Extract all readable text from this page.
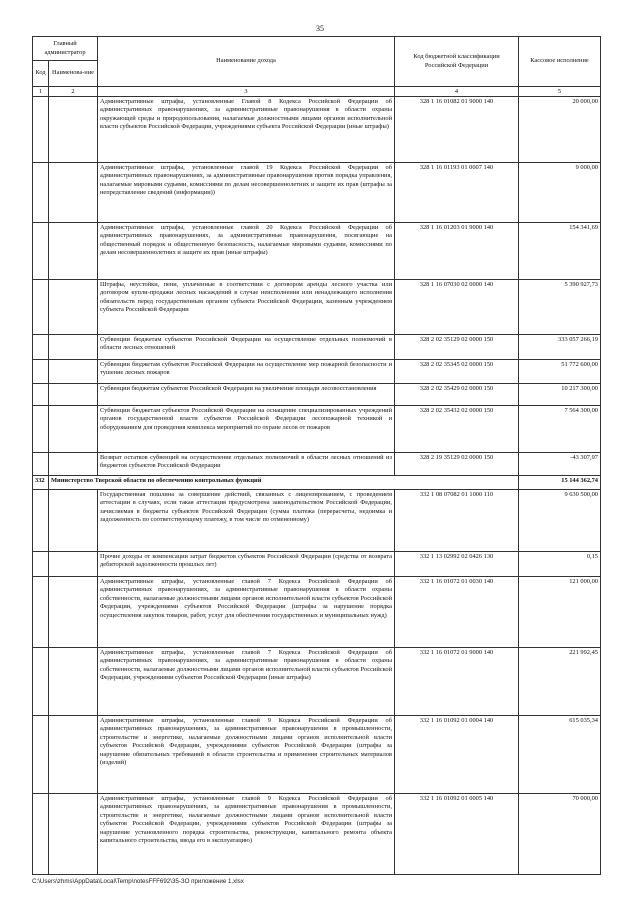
35
Главный администратор		Наименование дохода	Код бюджетной классификации Российской Федерации	Кассовое исполнение
Код	Наименова-ние			
1	2	3	4	5
		Административные штрафы, установленные Главой 8 Кодекса Российской Федерации об административных правонарушениях, за административные правонарушения в области охраны окружающей среды и природопользования, налагаемые должностными лицами органов исполнительной власти субъектов Российской Федерации, учреждениями субъекта Российской Федерации (иные штрафы)	328 1 16 01082 01 9000 140	20 000,00
		Административные штрафы, установленные главой 19 Кодекса Российской Федерации об административных правонарушениях, за административные правонарушения против порядка управления, налагаемые мировыми судьями, комиссиями по делам несовершеннолетних и защите их прав (штрафы за непредставление сведений (информации))	328 1 16 01193 01 0007 140	9 000,00
		Административные штрафы, установленные главой 20 Кодекса Российской Федерации об административных правонарушениях, за административные правонарушения, посягающие на общественный порядок и общественную безопасность, налагаемые мировыми судьями, комиссиями по делам несовершеннолетних и защите их прав (иные штрафы)	328 1 16 01203 01 9000 140	154 341,69
		Штрафы, неустойки, пени, уплаченные в соответствии с договором аренды лесного участка или договором купли-продажи лесных насаждений в случае неисполнения или ненадлежащего исполнения обязательств перед государственным органом субъекта Российской Федерации, казенным учреждением субъекта Российской Федерации	328 1 16 07030 02 0000 140	5 390 927,73
		Субвенции бюджетам субъектов Российской Федерации на осуществление отдельных полномочий в области лесных отношений	328 2 02 35129 02 0000 150	333 057 266,19
		Субвенции бюджетам субъектов Российской Федерации на осуществление мер пожарной безопасности и тушение лесных пожаров	328 2 02 35345 02 0000 150	51 772 600,00
		Субвенции бюджетам субъектов Российской Федерации на увеличение площади лесовосстановления	328 2 02 35429 02 0000 150	10 217 300,00
		Субвенции бюджетам субъектов Российской Федерации на оснащение специализированных учреждений органов государственной власти субъектов Российской Федерации лесопожарной техникой и оборудованием для проведения комплекса мероприятий по охране лесов от пожаров	328 2 02 35432 02 0000 150	7 564 300,00
		Возврат остатков субвенций на осуществление отдельных полномочий в области лесных отношений из бюджетов субъектов Российской Федерации	328 2 19 35129 02 0000 150	-43 307,97
332	Министерство Тверской области по обеспечению контрольных функций			15 144 362,74
		Государственная пошлина за совершение действий, связанных с лицензированием, с проведением аттестации в случаях, если такая аттестация предусмотрена законодательством Российской Федерации, зачисляемая в бюджеты субъектов Российской Федерации (сумма платежа (перерасчеты, недоимка и задолженность по соответствующему платежу, в том числе по отмененному)	332 1 08 07082 01 1000 110	9 630 500,00
		Прочие доходы от компенсации затрат бюджетов субъектов Российской Федерации (средства от возврата дебиторской задолженности прошлых лет)	332 1 13 02992 02 0426 130	0,15
		Административные штрафы, установленные главой 7 Кодекса Российской Федерации об административных правонарушениях, за административные правонарушения в области охраны собственности, налагаемые должностными лицами органов исполнительной власти субъектов Российской Федерации, учреждениями субъектов Российской Федерации (штрафы за нарушение порядка осуществления закупок товаров, работ, услуг для обеспечения государственных и муниципальных нужд)	332 1 16 01072 01 0030 140	121 000,00
		Административные штрафы, установленные главой 7 Кодекса Российской Федерации об административных правонарушениях, за административные правонарушения в области охраны собственности, налагаемые должностными лицами органов исполнительной власти субъектов Российской Федерации, учреждениями субъектов Российской Федерации (иные штрафы)	332 1 16 01072 01 9000 140	221 992,45
		Административные штрафы, установленные главой 9 Кодекса Российской Федерации об административных правонарушениях, за административные правонарушения в промышленности, строительстве и энергетике, налагаемые должностными лицами органов исполнительной власти субъектов Российской Федерации, учреждениями субъектов Российской Федерации (штрафы за нарушение обязательных требований в области строительства и применения строительных материалов (изделий)	332 1 16 01092 01 0004 140	615 035,34
		Административные штрафы, установленные главой 9 Кодекса Российской Федерации об административных правонарушениях, за административные правонарушения в промышленности, строительстве и энергетике, налагаемые должностными лицами органов исполнительной власти субъектов Российской Федерации, учреждениями субъектов Российской Федерации (штрафы за нарушение установленного порядка строительства, реконструкции, капитального ремонта объекта капитального строительства, ввода его в эксплуатацию)	332 1 16 01092 01 0005 140	70 000,00
C:\Users\zhms\AppData\Local\Temp\notesFFF692\35-ЗО приложение 1.xlsx
